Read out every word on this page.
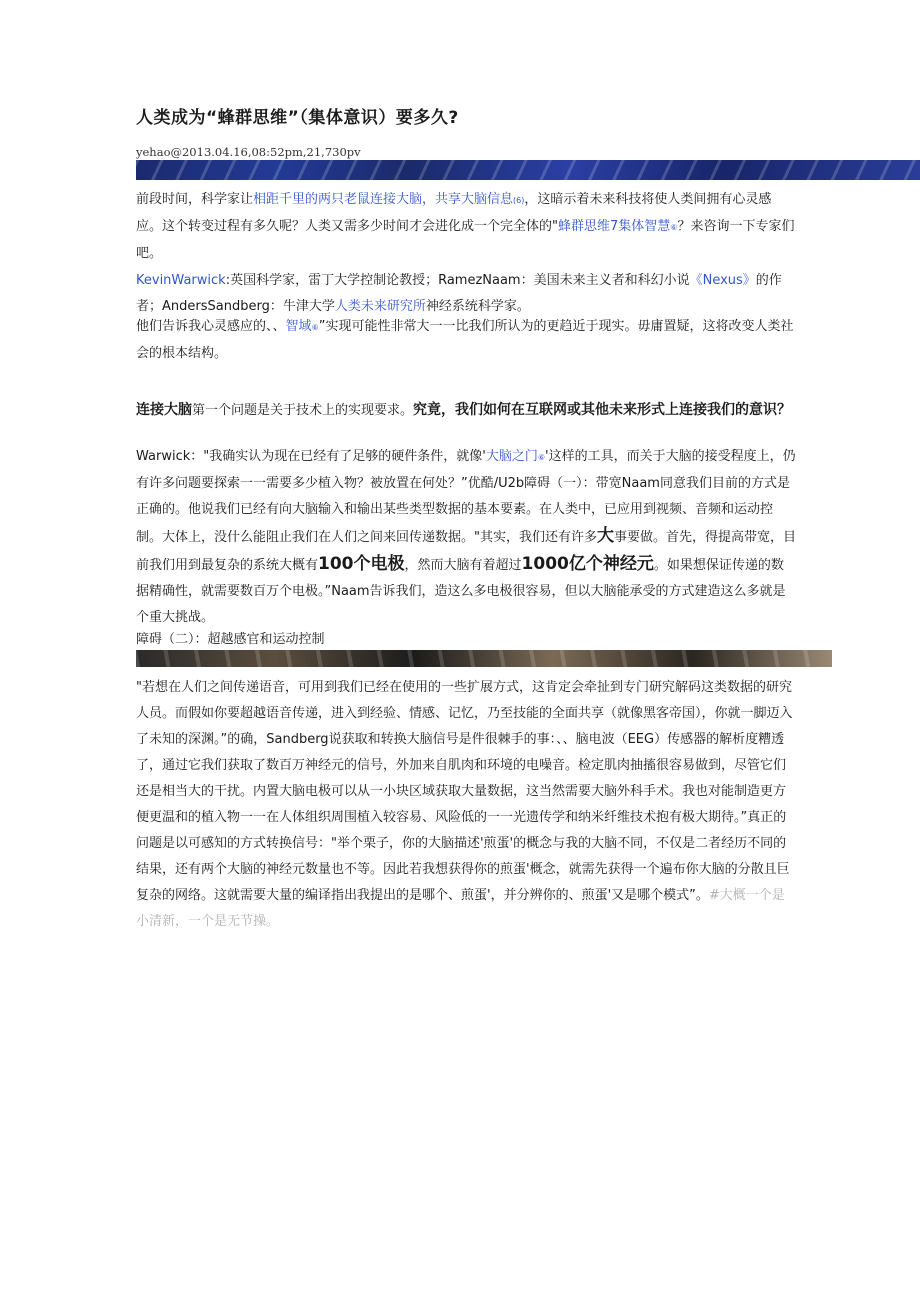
人类成为“蜂群思维”（集体意识）要多久?
yehao@2013.04.16,08:52pm,21,730pv
前段时间，科学家让相距千里的两只老鼠连接大脑，共享大脑信息(6)，这暗示着未来科技将使人类间拥有心灵感应。这个转变过程有多久呢？人类又需多少时间才会进化成一个完全体的"蜂群思维7集体智慧⑥？来咨询一下专家们吧。
KevinWarwick:英国科学家，雷丁大学控制论教授；RamezNaam：美国未来主义者和科幻小说《Nexus》的作者；AndersSandberg：牛津大学人类未来研究所神经系统科学家。
他们告诉我心灵感应的、、智域⑥”实现可能性非常大一一比我们所认为的更趋近于现实。毋庸置疑，这将改变人类社会的根本结构。
连接大脑第一个问题是关于技术上的实现要求。究竟，我们如何在互联网或其他未来形式上连接我们的意识？
Warwick："我确实认为现在已经有了足够的硬件条件，就像'大脑之门⑥'这样的工具，而关于大脑的接受程度上，仍有许多问题要探索一一需要多少植入物？被放置在何处？”优酷/U2b障碍（一）：带宽Naam同意我们目前的方式是正确的。他说我们已经有向大脑输入和输出某些类型数据的基本要素。在人类中，已应用到视频、音频和运动控制。大体上，没什么能阻止我们在人们之间来回传递数据。"其实，我们还有许多大事要做。首先，得提高带宽，目前我们用到最复杂的系统大概有100个电极，然而大脑有着超过1000亿个神经元。如果想保证传递的数据精确性，就需要数百万个电极。”Naam告诉我们，造这么多电极很容易，但以大脑能承受的方式建造这么多就是个重大挑战。
障碍（二）：超越感官和运动控制
"若想在人们之间传递语音，可用到我们已经在使用的一些扩展方式，这肯定会牵扯到专门研究解码这类数据的研究人员。而假如你要超越语音传递，进入到经验、情感、记忆，乃至技能的全面共享（就像黑客帝国），你就一脚迈入了未知的深渊。”的确，Sandberg说获取和转换大脑信号是件很棘手的事：、、脑电波（EEG）传感器的解析度糟透了，通过它我们获取了数百万神经元的信号，外加来自肌肉和环境的电噪音。检定肌肉抽搐很容易做到，尽管它们还是相当大的干扰。内置大脑电极可以从一小块区域获取大量数据，这当然需要大脑外科手术。我也对能制造更方便更温和的植入物一一在人体组织周围植入较容易、风险低的一一光遗传学和纳米纤维技术抱有极大期待。”真正的问题是以可感知的方式转换信号："举个栗子，你的大脑描述'煎蛋'的概念与我的大脑不同，不仅是二者经历不同的结果，还有两个大脑的神经元数量也不等。因此若我想获得你的煎蛋'概念，就需先获得一个遍布你大脑的分散且巨复杂的网络。这就需要大量的编译指出我提出的是哪个、煎蛋'，并分辨你的、煎蛋'又是哪个模式”。#大概一个是小清新，一个是无节操。
